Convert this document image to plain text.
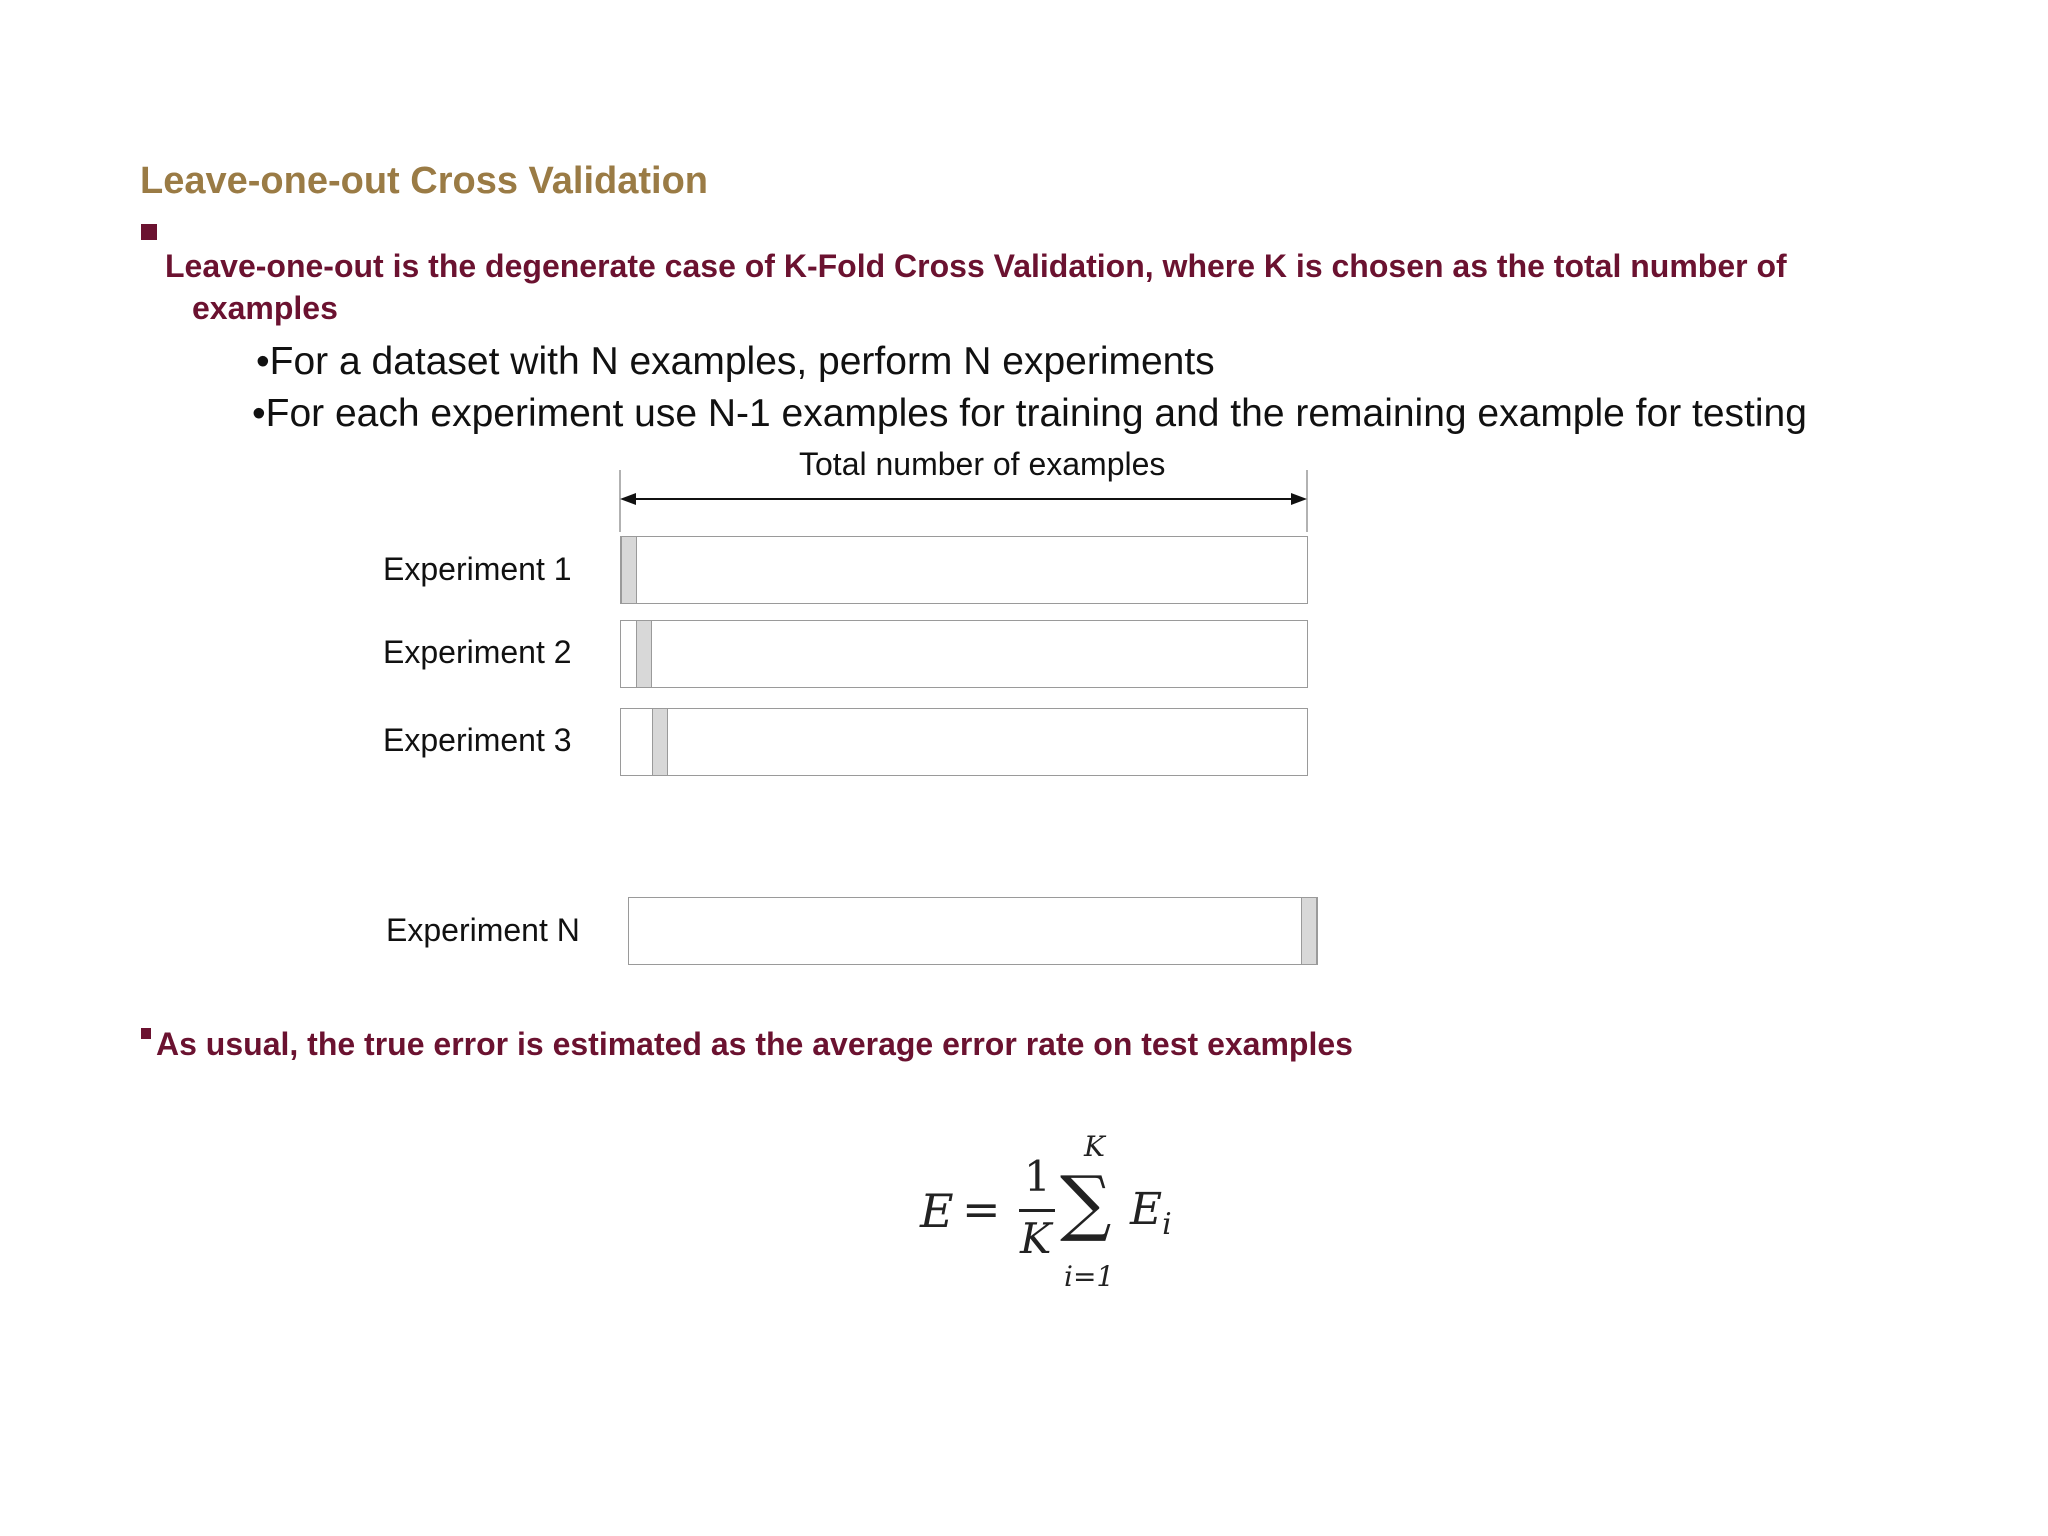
Leave-one-out Cross Validation
Leave-one-out is the degenerate case of K-Fold Cross Validation, where K is chosen as the total number of
examples
•For a dataset with N examples, perform N experiments
•For each experiment use N-1 examples for training and the remaining example for testing
Total number of examples
Experiment 1
Experiment 2
Experiment 3
Experiment N
As usual, the true error is estimated as the average error rate on test examples
E =
1
K ∑
K
i=1
$E_i$
